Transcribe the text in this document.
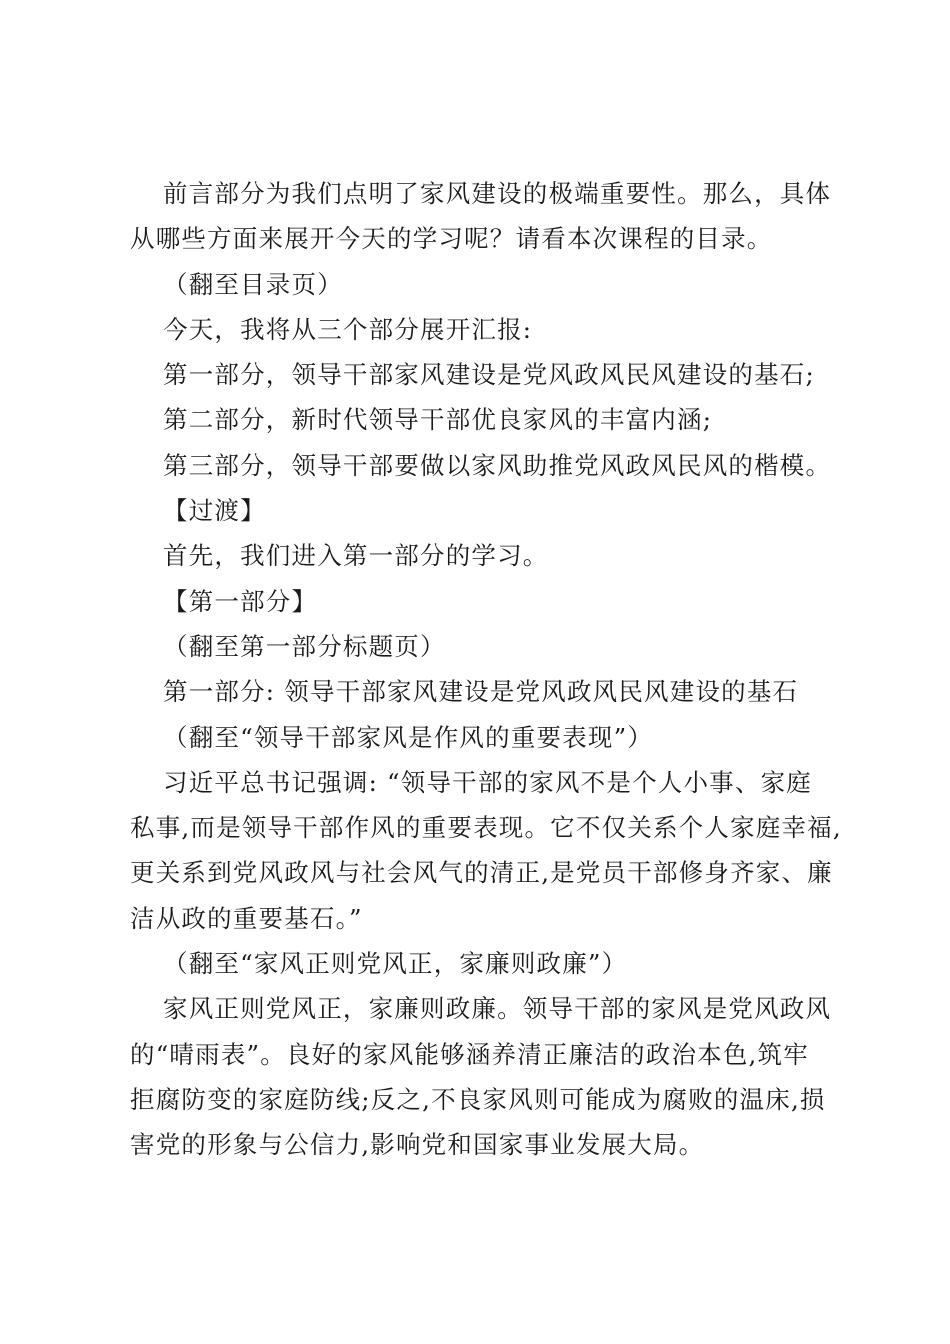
前言部分为我们点明了家风建设的极端重要性。那么，具体
从哪些方面来展开今天的学习呢？请看本次课程的目录。
（翻至目录页）
今天，我将从三个部分展开汇报:
第一部分，领导干部家风建设是党风政风民风建设的基石;
第二部分，新时代领导干部优良家风的丰富内涵;
第三部分，领导干部要做以家风助推党风政风民风的楷模。
【过渡】
首先，我们进入第一部分的学习。
【第一部分】
（翻至第一部分标题页）
第一部分: 领导干部家风建设是党风政风民风建设的基石
（翻至“领导干部家风是作风的重要表现”）
习近平总书记强调: “领导干部的家风不是个人小事、家庭
私事,而是领导干部作风的重要表现。它不仅关系个人家庭幸福,
更关系到党风政风与社会风气的清正,是党员干部修身齐家、廉
洁从政的重要基石。”
（翻至“家风正则党风正，家廉则政廉”）
家风正则党风正，家廉则政廉。领导干部的家风是党风政风
的“晴雨表”。良好的家风能够涵养清正廉洁的政治本色,筑牢
拒腐防变的家庭防线;反之,不良家风则可能成为腐败的温床,损
害党的形象与公信力,影响党和国家事业发展大局。
